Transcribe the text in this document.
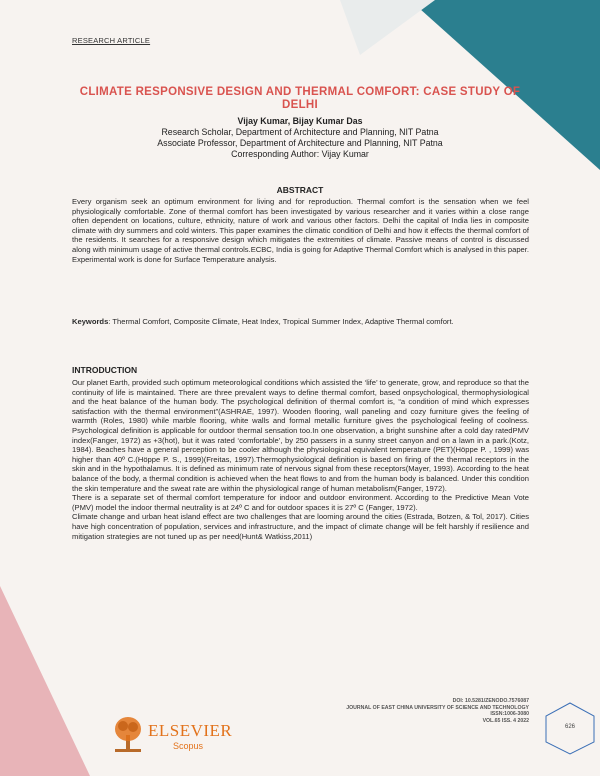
RESEARCH ARTICLE
CLIMATE RESPONSIVE DESIGN AND THERMAL COMFORT: CASE STUDY OF DELHI
Vijay Kumar, Bijay Kumar Das
Research Scholar, Department of Architecture and Planning, NIT Patna
Associate Professor, Department of Architecture and Planning, NIT Patna
Corresponding Author: Vijay Kumar
ABSTRACT
Every organism seek an optimum environment for living and for reproduction. Thermal comfort is the sensation when we feel physiologically comfortable. Zone of thermal comfort has been investigated by various researcher and it varies within a close range often dependent on locations, culture, ethnicity, nature of work and various other factors. Delhi the capital of India lies in composite climate with dry summers and cold winters. This paper examines the climatic condition of Delhi and how it effects the thermal comfort of the residents. It searches for a responsive design which mitigates the extremities of climate. Passive means of control is discussed along with minimum usage of active thermal controls.ECBC, India is going for Adaptive Thermal Comfort which is analysed in this paper. Experimental work is done for Surface Temperature analysis.
Keywords: Thermal Comfort, Composite Climate, Heat Index, Tropical Summer Index, Adaptive Thermal comfort.
INTRODUCTION

Our planet Earth, provided such optimum meteorological conditions which assisted the ‘life’ to generate, grow, and reproduce so that the continuity of life is maintained. There are three prevalent ways to define thermal comfort, based onpsychological, thermophysiological and the heat balance of the human body. The psychological definition of thermal comfort is, “a condition of mind which expresses satisfaction with the thermal environment”(ASHRAE, 1997). Wooden flooring, wall paneling and cozy furniture gives the feeling of warmth (Roles, 1980) while marble flooring, white walls and formal metallic furniture gives the psychological feeling of coolness. Psychological definition is applicable for outdoor thermal sensation too.In one observation, a bright sunshine after a cold day ratedPMV index(Fanger, 1972) as +3(hot), but it was rated ‘comfortable’, by 250 passers in a sunny street canyon and on a lawn in a park.(Kotz, 1984). Beaches have a general perception to be cooler although the physiological equivalent temperature (PET)(Höppe P. , 1999) was higher than 40º C.(Höppe P. S., 1999)(Freitas, 1997).Thermophysiological definition is based on firing of the thermal receptors in the skin and in the hypothalamus. It is defined as minimum rate of nervous signal from these receptors(Mayer, 1993). According to the heat balance of the body, a thermal condition is achieved when the heat flows to and from the human body is balanced. Under this condition the skin temperature and the sweat rate are within the physiological range of human metabolism(Fanger, 1972).

There is a separate set of thermal comfort temperature for indoor and outdoor environment. According to the Predictive Mean Vote (PMV) model the indoor thermal neutrality is at 24º C and for outdoor spaces it is 27º C (Fanger, 1972).

Climate change and urban heat island effect are two challenges that are looming around the cities (Estrada, Botzen, & Tol, 2017). Cities have high concentration of population, services and infrastructure, and the impact of climate change will be felt harshly if resilience and mitigation strategies are not tuned up as per need(Hunt& Watkiss,2011)

DOI: 10.5281/ZENODO.7576087
JOURNAL OF EAST CHINA UNIVERSITY OF SCIENCE AND TECHNOLOGY
ISSN:1006-3080
VOL.65 ISS. 4 2022
ELSEVIER
Scopus
626
